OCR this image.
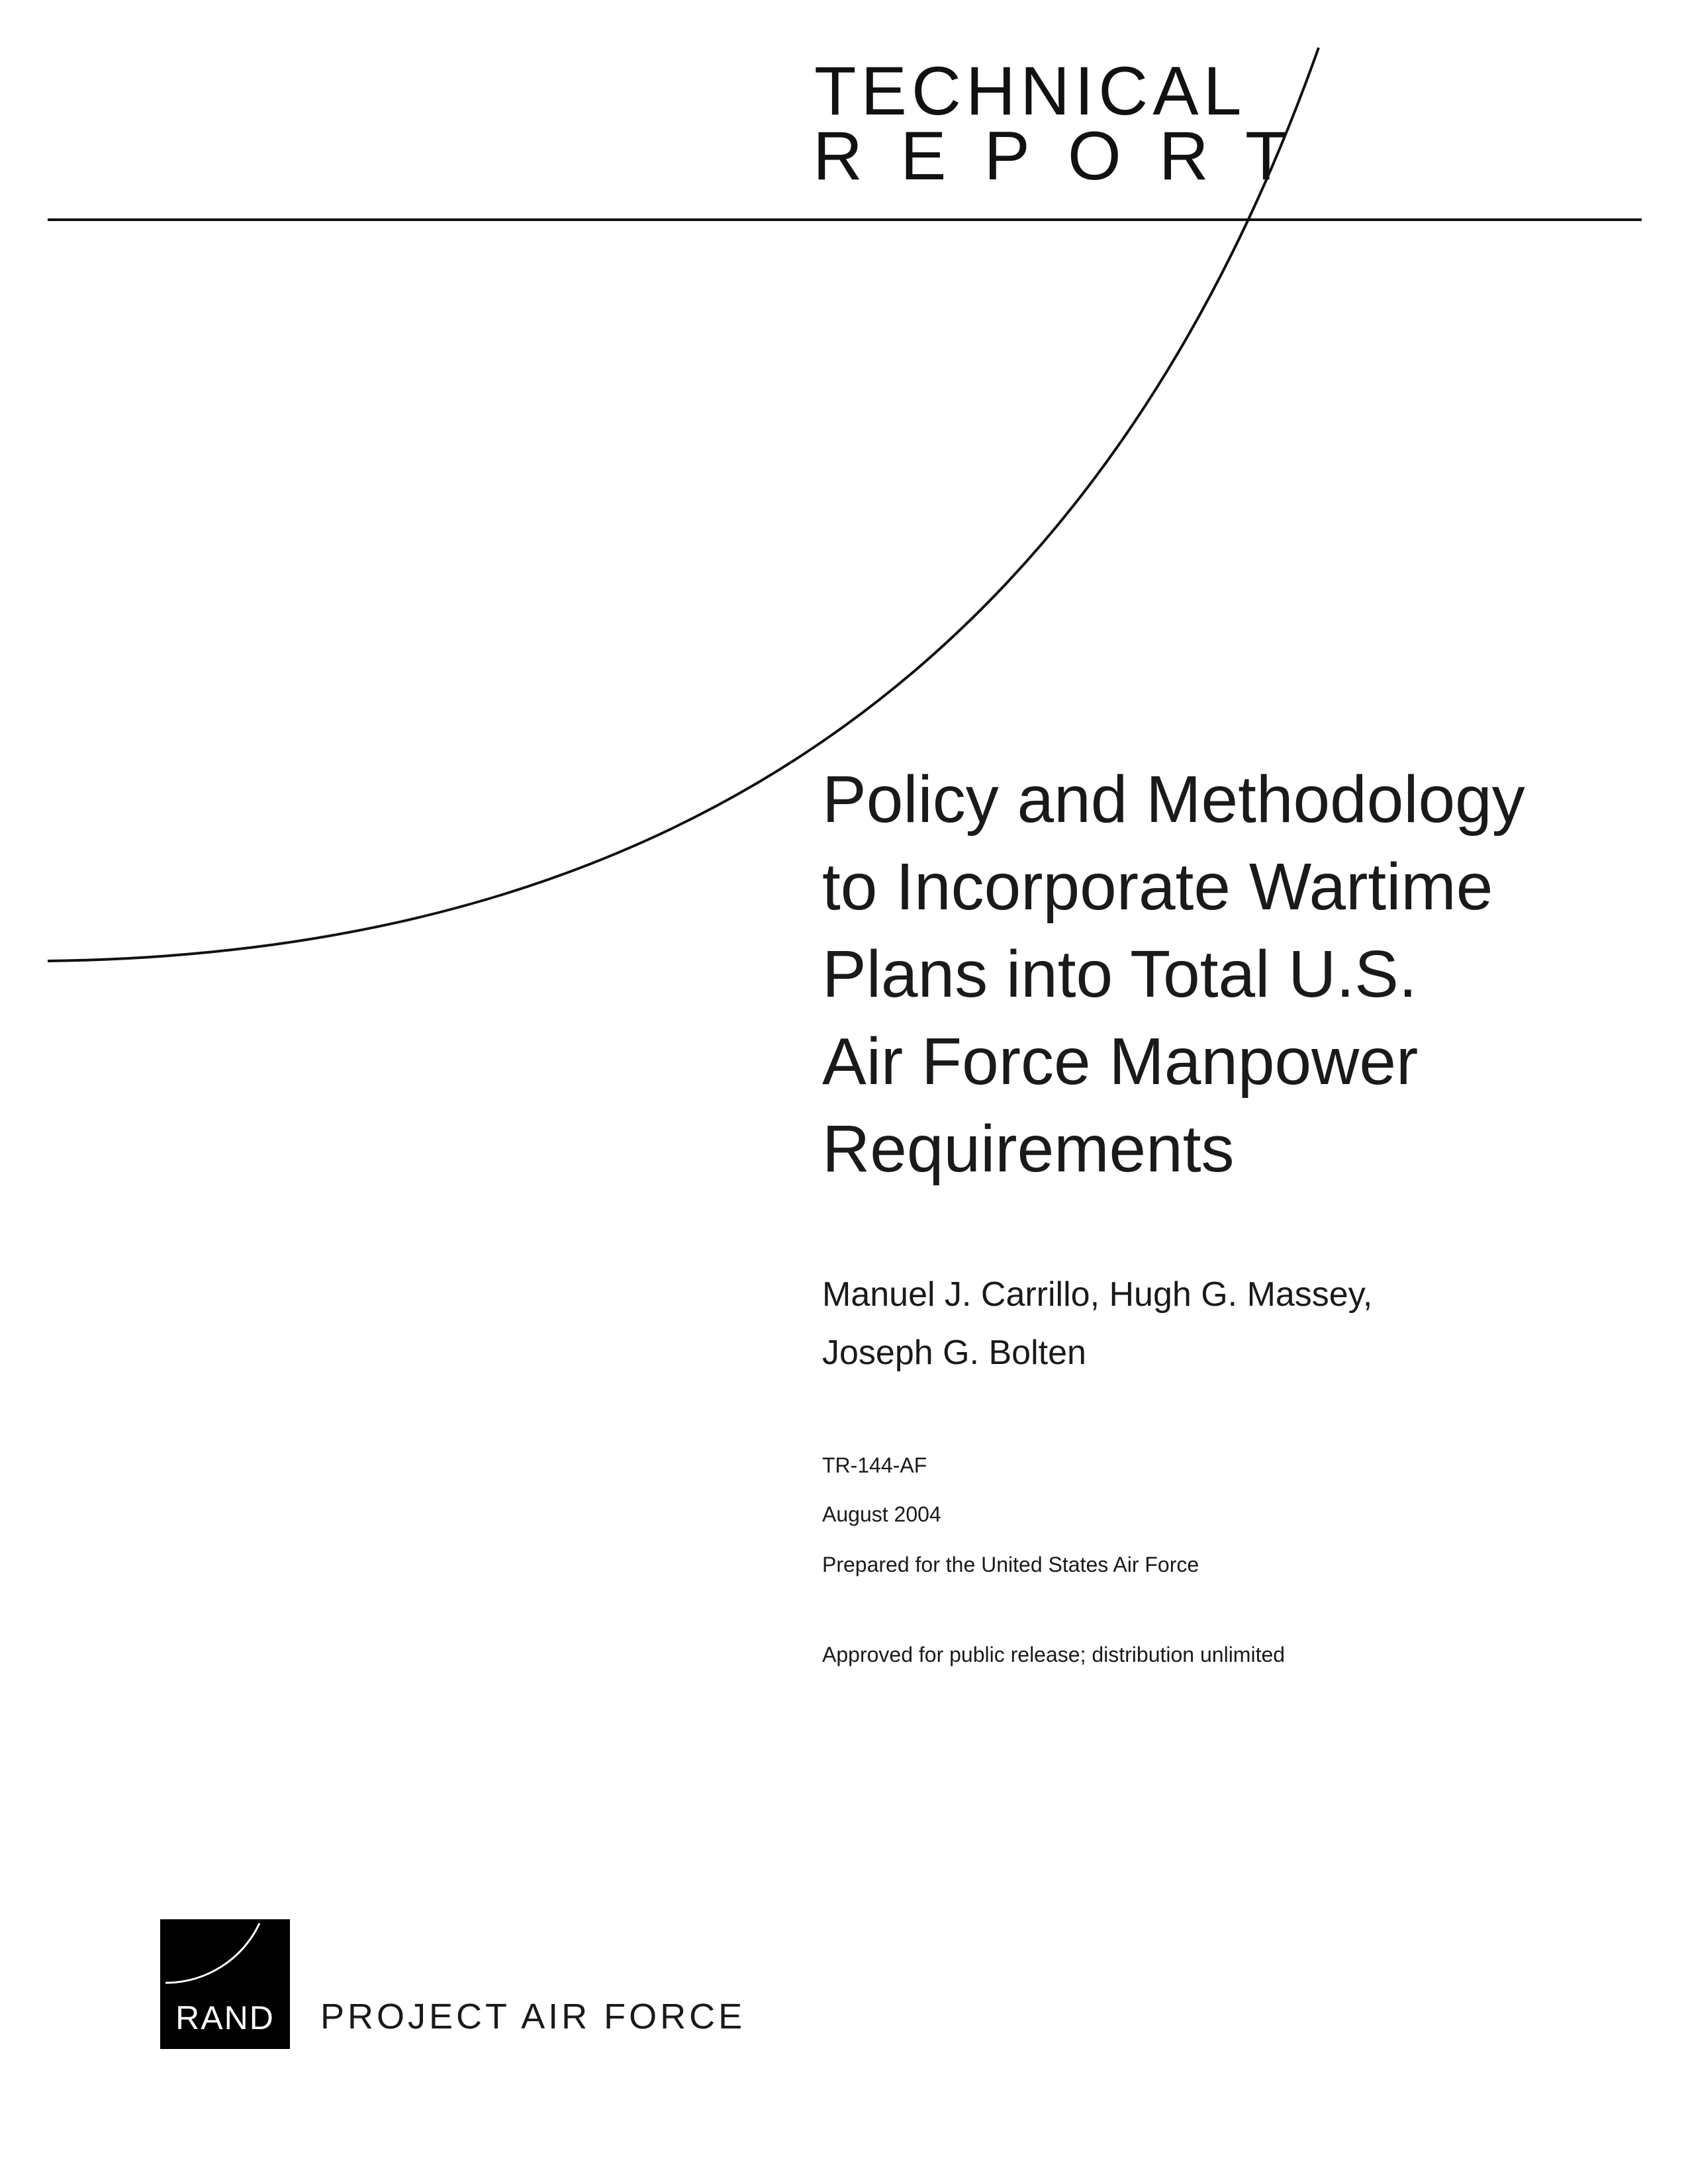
TECHNICAL
REPORT
Policy and Methodology
to Incorporate Wartime
Plans into Total U.S.
Air Force Manpower
Requirements
Manuel J. Carrillo, Hugh G. Massey,
Joseph G. Bolten
TR-144-AF
August 2004
Prepared for the United States Air Force
Approved for public release; distribution unlimited
RAND	PROJECT AIR FORCE
